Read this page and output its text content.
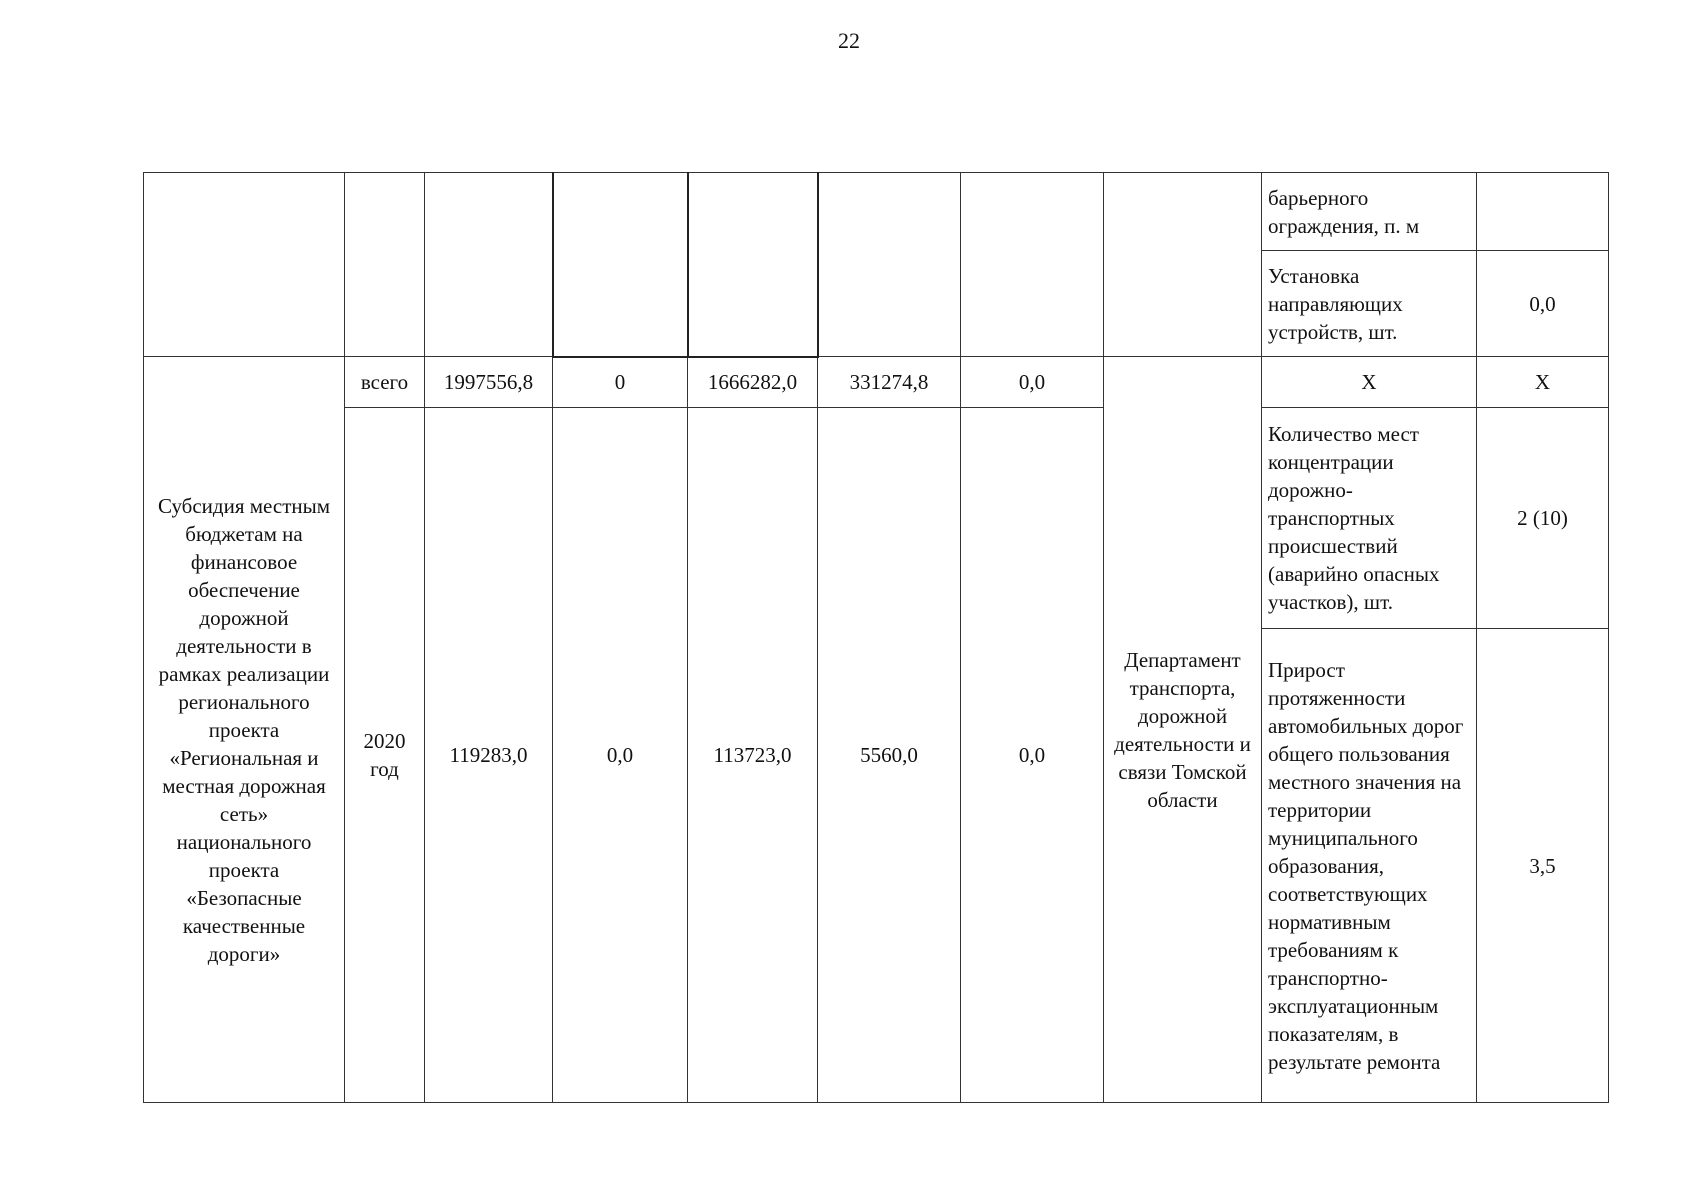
22
								барьерного ограждения, п. м	
								Установка направляющих устройств, шт.	0,0
Субсидия местным бюджетам на финансовое обеспечение дорожной деятельности в рамках реализации регионального проекта «Региональная и местная дорожная сеть» национального проекта «Безопасные качественные дороги»	всего	1997556,8	0	1666282,0	331274,8	0,0	Департамент транспорта, дорожной деятельности и связи Томской области	Х	Х
	2020 год	119283,0	0,0	113723,0	5560,0	0,0		Количество мест концентрации дорожно-транспортных происшествий (аварийно опасных участков), шт.	2 (10)
								Прирост протяженности автомобильных дорог общего пользования местного значения на территории муниципального образования, соответствующих нормативным требованиям к транспортно-эксплуатационным показателям, в результате ремонта	3,5
